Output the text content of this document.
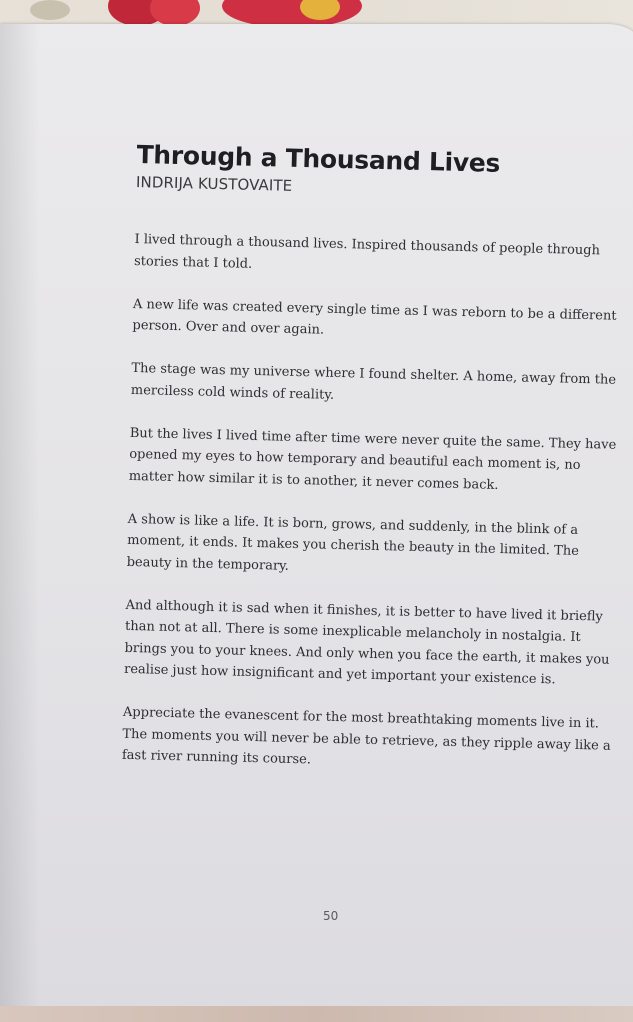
Through a Thousand Lives
INDRIJA KUSTOVAITE

I lived through a thousand lives. Inspired thousands of people through
stories that I told.

A new life was created every single time as I was reborn to be a different
person. Over and over again.

The stage was my universe where I found shelter. A home, away from the
merciless cold winds of reality.

But the lives I lived time after time were never quite the same. They have
opened my eyes to how temporary and beautiful each moment is, no
matter how similar it is to another, it never comes back.

A show is like a life. It is born, grows, and suddenly, in the blink of a
moment, it ends. It makes you cherish the beauty in the limited. The
beauty in the temporary.

And although it is sad when it finishes, it is better to have lived it briefly
than not at all. There is some inexplicable melancholy in nostalgia. It
brings you to your knees. And only when you face the earth, it makes you
realise just how insignificant and yet important your existence is.

Appreciate the evanescent for the most breathtaking moments live in it.
The moments you will never be able to retrieve, as they ripple away like a
fast river running its course.

50
